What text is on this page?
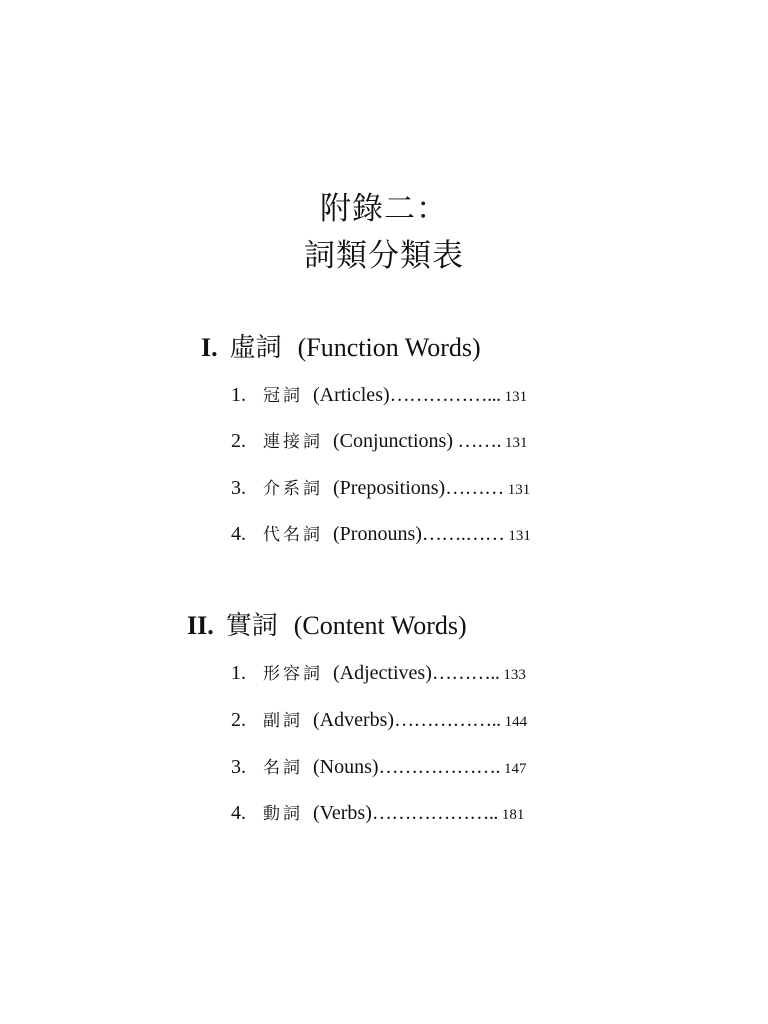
附錄二：
詞類分類表
I. 虛詞 (Function Words)
1. 冠詞 (Articles)……………... 131
2. 連接詞 (Conjunctions) ……. 131
3. 介系詞 (Prepositions)……… 131
4. 代名詞 (Pronouns)…….…… 131
II. 實詞 (Content Words)
1. 形容詞 (Adjectives)……….. 133
2. 副詞 (Adverbs)…………….. 144
3. 名詞 (Nouns)………………. 147
4. 動詞 (Verbs)……………….. 181
